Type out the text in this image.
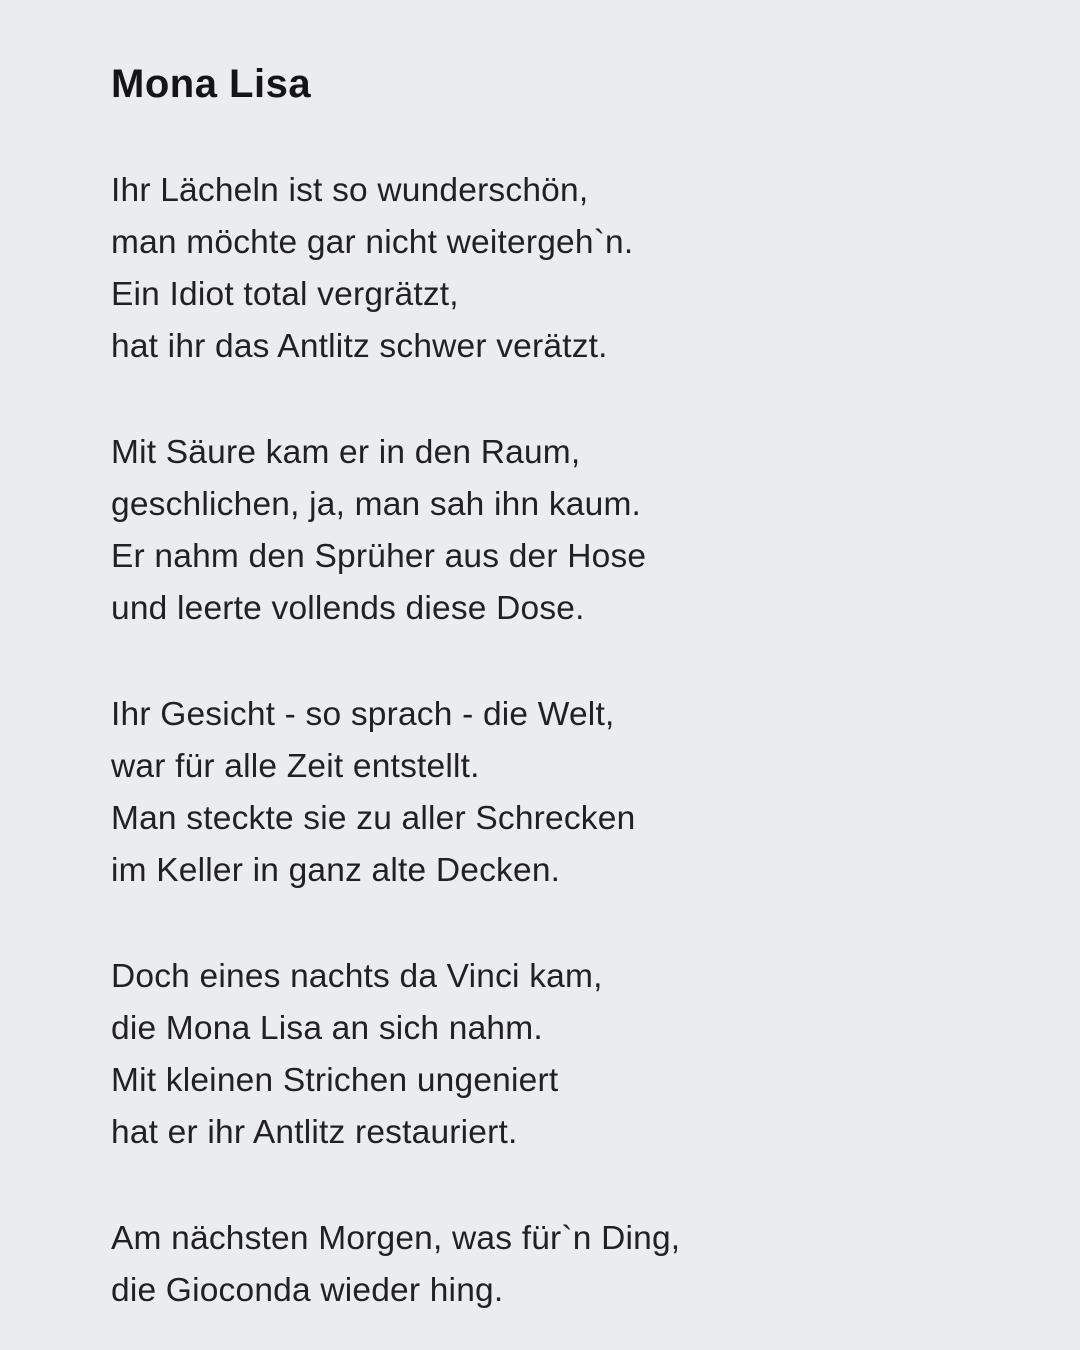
Mona Lisa

Ihr Lächeln ist so wunderschön,

man möchte gar nicht weitergeh`n.

Ein Idiot total vergrätzt,

hat ihr das Antlitz schwer verätzt.

Mit Säure kam er in den Raum,

geschlichen, ja, man sah ihn kaum.

Er nahm den Sprüher aus der Hose

und leerte vollends diese Dose.

Ihr Gesicht - so sprach - die Welt,

war für alle Zeit entstellt.

Man steckte sie zu aller Schrecken

im Keller in ganz alte Decken.

Doch eines nachts da Vinci kam,

die Mona Lisa an sich nahm.

Mit kleinen Strichen ungeniert

hat er ihr Antlitz restauriert.

Am nächsten Morgen, was für`n Ding,

die Gioconda wieder hing.
